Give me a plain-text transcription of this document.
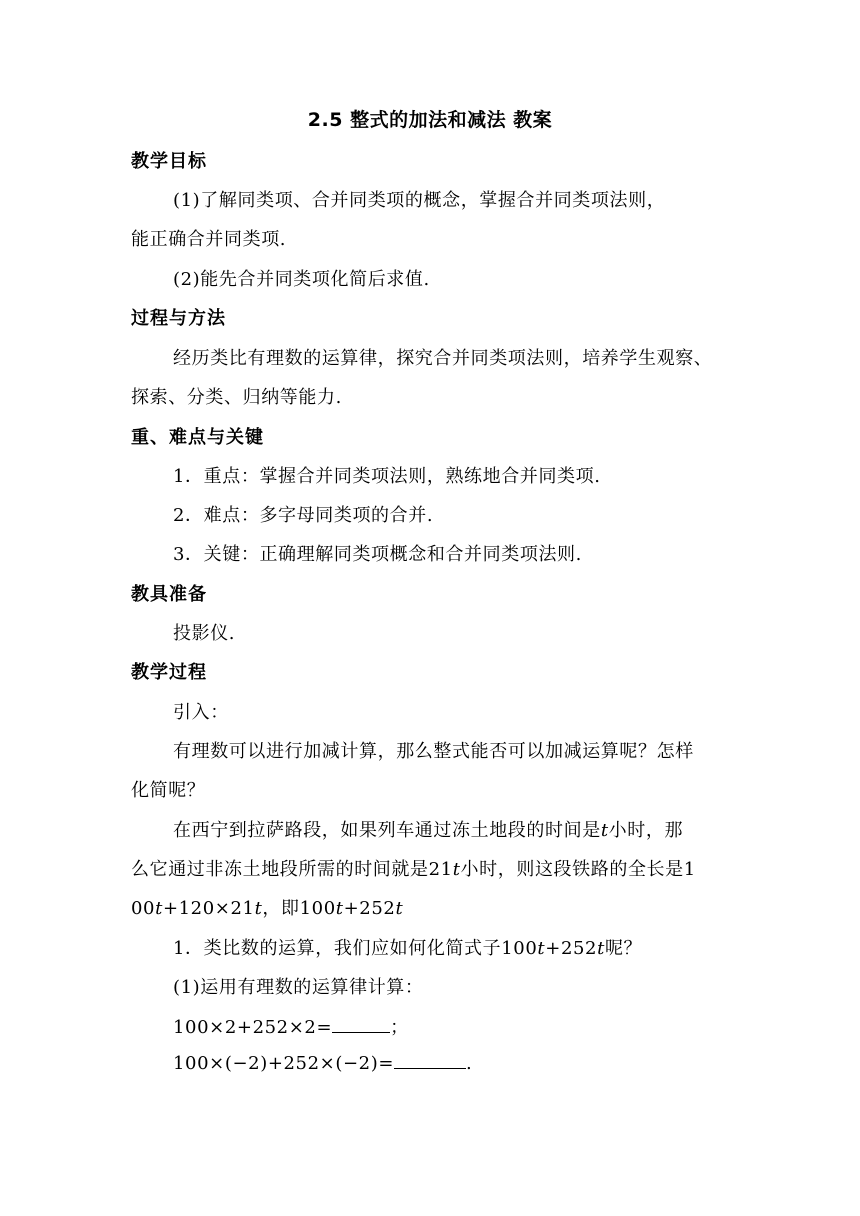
2.5 整式的加法和减法 教案
教学目标
(1)了解同类项、合并同类项的概念，掌握合并同类项法则，
能正确合并同类项.
(2)能先合并同类项化简后求值.
过程与方法
经历类比有理数的运算律，探究合并同类项法则，培养学生观察、
探索、分类、归纳等能力.
重、难点与关键
1．重点：掌握合并同类项法则，熟练地合并同类项.
2．难点：多字母同类项的合并.
3．关键：正确理解同类项概念和合并同类项法则.
教具准备
投影仪.
教学过程
引入：
有理数可以进行加减计算，那么整式能否可以加减运算呢？怎样
化简呢？
在西宁到拉萨路段，如果列车通过冻土地段的时间是t小时，那
么它通过非冻土地段所需的时间就是21t小时，则这段铁路的全长是1
00t+120×21t，即100t+252t
1．类比数的运算，我们应如何化简式子100t+252t呢？
(1)运用有理数的运算律计算：
100×2+252×2=	；
100×(−2)+252×(−2)=	.
